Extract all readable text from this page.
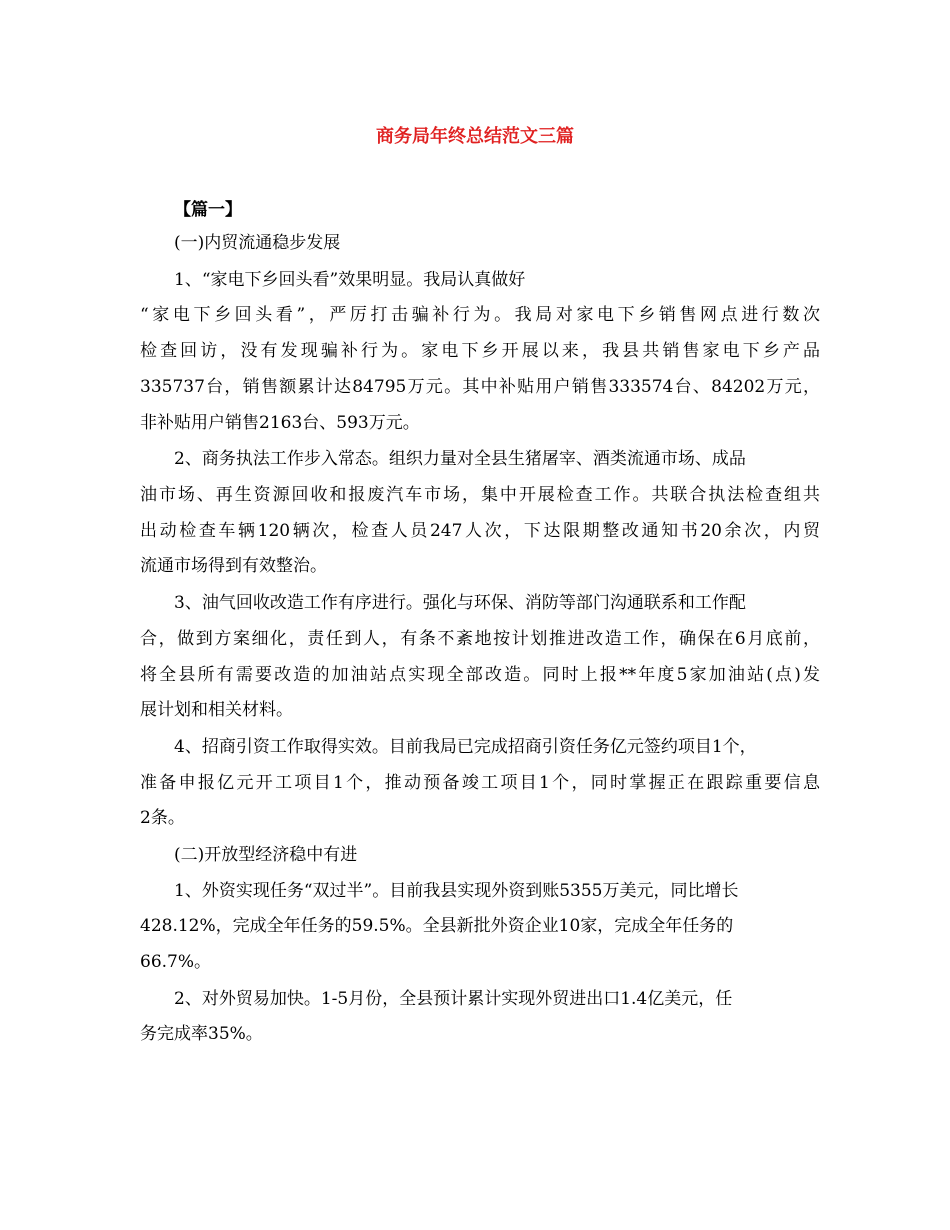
商务局年终总结范文三篇
【篇一】
(一)内贸流通稳步发展
1、“家电下乡回头看”效果明显。我局认真做好
“家电下乡回头看”，严厉打击骗补行为。我局对家电下乡销售网点进行数次
检查回访，没有发现骗补行为。家电下乡开展以来，我县共销售家电下乡产品
335737台，销售额累计达84795万元。其中补贴用户销售333574台、84202万元，
非补贴用户销售2163台、593万元。
2、商务执法工作步入常态。组织力量对全县生猪屠宰、酒类流通市场、成品
油市场、再生资源回收和报废汽车市场，集中开展检查工作。共联合执法检查组共
出动检查车辆120辆次，检查人员247人次，下达限期整改通知书20余次，内贸
流通市场得到有效整治。
3、油气回收改造工作有序进行。强化与环保、消防等部门沟通联系和工作配
合，做到方案细化，责任到人，有条不紊地按计划推进改造工作，确保在6月底前，
将全县所有需要改造的加油站点实现全部改造。同时上报**年度5家加油站(点)发
展计划和相关材料。
4、招商引资工作取得实效。目前我局已完成招商引资任务亿元签约项目1个，
准备申报亿元开工项目1个，推动预备竣工项目1个，同时掌握正在跟踪重要信息
2条。
(二)开放型经济稳中有进
1、外资实现任务“双过半”。目前我县实现外资到账5355万美元，同比增长
428.12%，完成全年任务的59.5%。全县新批外资企业10家，完成全年任务的
66.7%。
2、对外贸易加快。1-5月份，全县预计累计实现外贸进出口1.4亿美元，任
务完成率35%。
